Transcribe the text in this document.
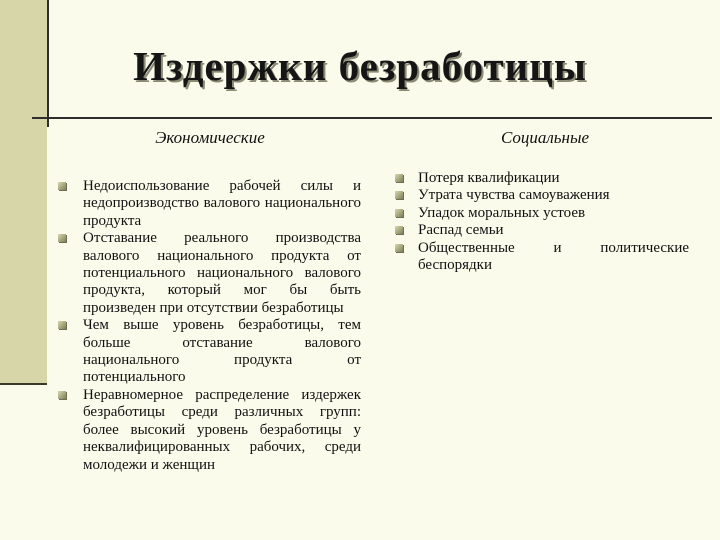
Издержки безработицы
Экономические	Социальные
Недоиспользование рабочей силы и недопроизводство валового национального продукта
Отставание реального производства валового национального продукта от потенциального национального валового продукта, который мог бы быть произведен при отсутствии безработицы
Чем выше уровень безработицы, тем больше отставание валового национального продукта от потенциального
Неравномерное распределение издержек безработицы среди различных групп: более высокий уровень безработицы у неквалифицированных рабочих, среди молодежи и женщин
Потеря квалификации
Утрата чувства самоуважения
Упадок моральных устоев
Распад семьи
Общественные и политические беспорядки
